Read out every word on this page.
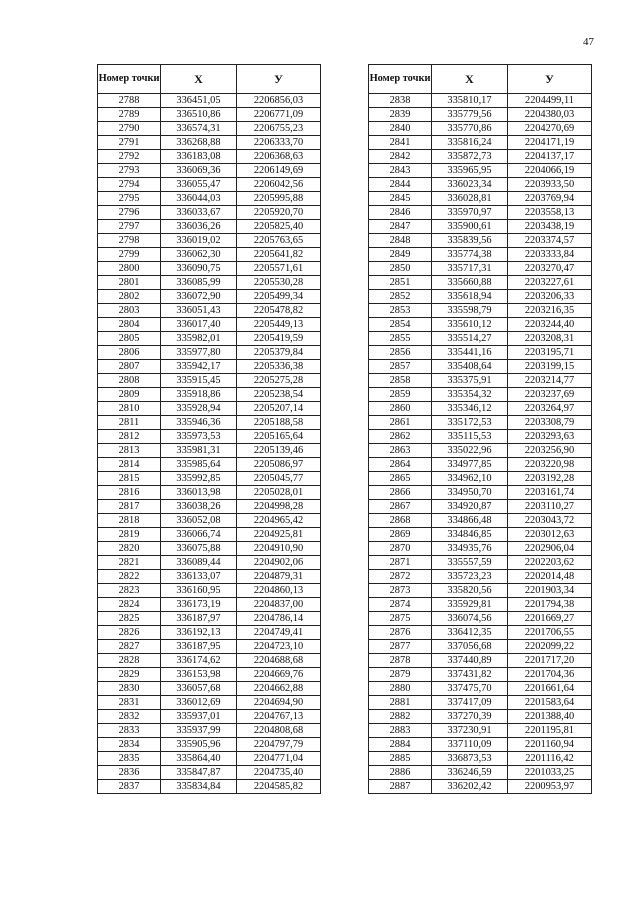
47
Номер точки	X	У
2788	336451,05	2206856,03
2789	336510,86	2206771,09
2790	336574,31	2206755,23
2791	336268,88	2206333,70
2792	336183,08	2206368,63
2793	336069,36	2206149,69
2794	336055,47	2206042,56
2795	336044,03	2205995,88
2796	336033,67	2205920,70
2797	336036,26	2205825,40
2798	336019,02	2205763,65
2799	336062,30	2205641,82
2800	336090,75	2205571,61
2801	336085,99	2205530,28
2802	336072,90	2205499,34
2803	336051,43	2205478,82
2804	336017,40	2205449,13
2805	335982,01	2205419,59
2806	335977,80	2205379,84
2807	335942,17	2205336,38
2808	335915,45	2205275,28
2809	335918,86	2205238,54
2810	335928,94	2205207,14
2811	335946,36	2205188,58
2812	335973,53	2205165,64
2813	335981,31	2205139,46
2814	335985,64	2205086,97
2815	335992,85	2205045,77
2816	336013,98	2205028,01
2817	336038,26	2204998,28
2818	336052,08	2204965,42
2819	336066,74	2204925,81
2820	336075,88	2204910,90
2821	336089,44	2204902,06
2822	336133,07	2204879,31
2823	336160,95	2204860,13
2824	336173,19	2204837,00
2825	336187,97	2204786,14
2826	336192,13	2204749,41
2827	336187,95	2204723,10
2828	336174,62	2204688,68
2829	336153,98	2204669,76
2830	336057,68	2204662,88
2831	336012,69	2204694,90
2832	335937,01	2204767,13
2833	335937,99	2204808,68
2834	335905,96	2204797,79
2835	335864,40	2204771,04
2836	335847,87	2204735,40
2837	335834,84	2204585,82
Номер точки	X	У
2838	335810,17	2204499,11
2839	335779,56	2204380,03
2840	335770,86	2204270,69
2841	335816,24	2204171,19
2842	335872,73	2204137,17
2843	335965,95	2204066,19
2844	336023,34	2203933,50
2845	336028,81	2203769,94
2846	335970,97	2203558,13
2847	335900,61	2203438,19
2848	335839,56	2203374,57
2849	335774,38	2203333,84
2850	335717,31	2203270,47
2851	335660,88	2203227,61
2852	335618,94	2203206,33
2853	335598,79	2203216,35
2854	335610,12	2203244,40
2855	335514,27	2203208,31
2856	335441,16	2203195,71
2857	335408,64	2203199,15
2858	335375,91	2203214,77
2859	335354,32	2203237,69
2860	335346,12	2203264,97
2861	335172,53	2203308,79
2862	335115,53	2203293,63
2863	335022,96	2203256,90
2864	334977,85	2203220,98
2865	334962,10	2203192,28
2866	334950,70	2203161,74
2867	334920,87	2203110,27
2868	334866,48	2203043,72
2869	334846,85	2203012,63
2870	334935,76	2202906,04
2871	335557,59	2202203,62
2872	335723,23	2202014,48
2873	335820,56	2201903,34
2874	335929,81	2201794,38
2875	336074,56	2201669,27
2876	336412,35	2201706,55
2877	337056,68	2202099,22
2878	337440,89	2201717,20
2879	337431,82	2201704,36
2880	337475,70	2201661,64
2881	337417,09	2201583,64
2882	337270,39	2201388,40
2883	337230,91	2201195,81
2884	337110,09	2201160,94
2885	336873,53	2201116,42
2886	336246,59	2201033,25
2887	336202,42	2200953,97
